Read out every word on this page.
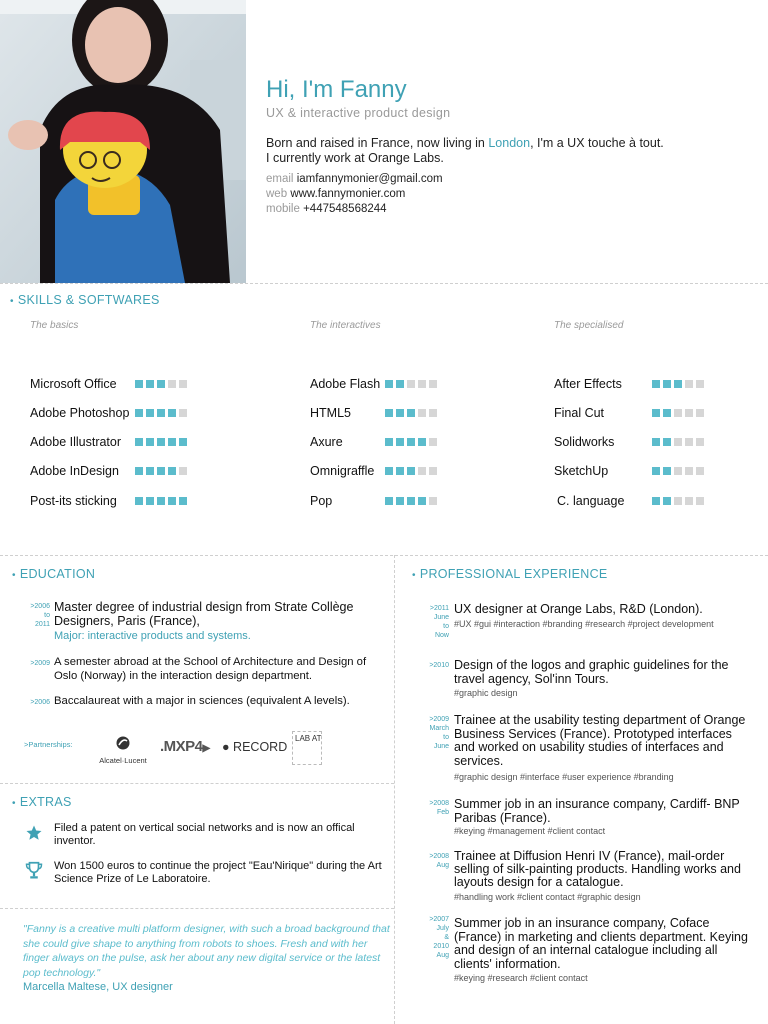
Hi, I'm Fanny
UX & interactive product design
Born and raised in France, now living in London, I'm a UX touche à tout.
I currently work at Orange Labs.
email iamfannymonier@gmail.com
web www.fannymonier.com
mobile +447548568244
• SKILLS & SOFTWARES
The basics	The interactives	The specialised
Microsoft Office
Adobe Photoshop
Adobe Illustrator
Adobe InDesign
Post-its sticking
Adobe Flash
HTML5
Axure
Omnigraffle
Pop
After Effects
Final Cut
Solidworks
SketchUp
C. language
• EDUCATION
>2006
to
2011
Master degree of industrial design from Strate Collège Designers, Paris (France),
Major: interactive products and systems.
>2009 A semester abroad at the School of Architecture and Design of Oslo (Norway) in the interaction design department.
>2006 Baccalaureat with a major in sciences (equivalent A levels).
>Partnerships:
Alcatel·Lucent
.MXP4▶ ● RECORD
LAB AT
• EXTRAS
Filed a patent on vertical social networks and is now an offical inventor.
Won 1500 euros to continue the project "Eau'Nirique" during the Art Science Prize of Le Laboratoire.
"Fanny is a creative multi platform designer, with such a broad background that she could give shape to anything from robots to shoes. Fresh and with her finger always on the pulse, ask her about any new digital service or the latest pop technology."
Marcella Maltese, UX designer
• PROFESSIONAL EXPERIENCE
>2011
June
to
Now
UX designer at Orange Labs, R&D (London).
#UX #gui #interaction #branding #research #project development
>2010 Design of the logos and graphic guidelines for the travel agency, Sol'inn Tours.
#graphic design
>2009
March
to
June
Trainee at the usability testing department of Orange Business Services (France). Prototyped interfaces and worked on usability studies of interfaces and services.
#graphic design #interface #user experience #branding
>2008
Feb
Summer job in an insurance company, Cardiff- BNP Paribas (France).
#keying #management #client contact
>2008
Aug
Trainee at Diffusion Henri IV (France), mail-order selling of silk-painting products. Handling works and layouts design for a catalogue.
#handling work #client contact #graphic design
>2007
July
&
2010
Aug
Summer job in an insurance company, Coface (France) in marketing and clients department. Keying and design of an internal catalogue including all clients' information.
#keying #research #client contact
